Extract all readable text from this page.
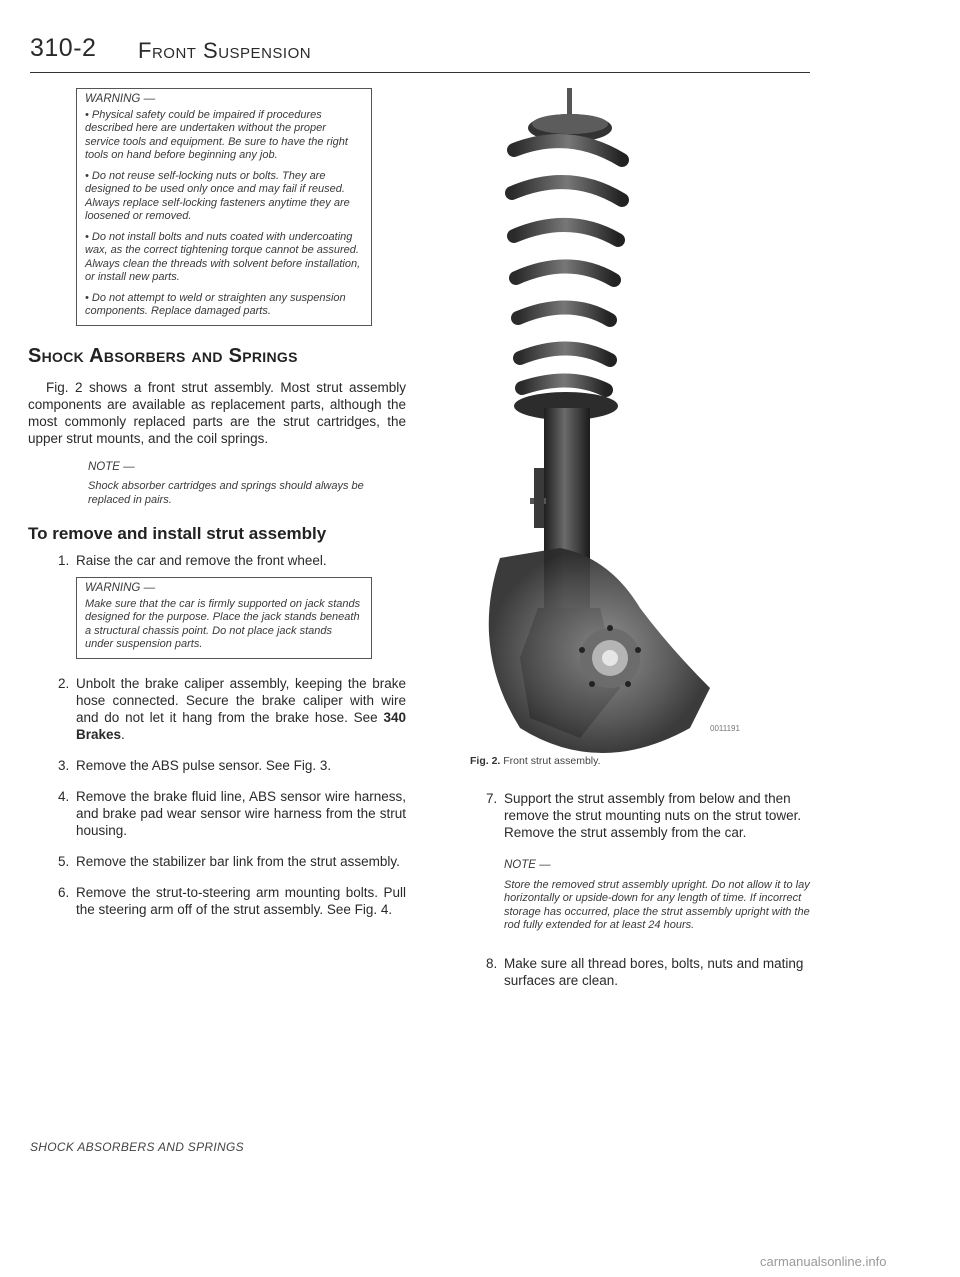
310-2 Front Suspension
WARNING —

• Physical safety could be impaired if procedures described here are undertaken without the proper service tools and equipment. Be sure to have the right tools on hand before beginning any job.

• Do not reuse self-locking nuts or bolts. They are designed to be used only once and may fail if reused. Always replace self-locking fasteners anytime they are loosened or removed.

• Do not install bolts and nuts coated with undercoating wax, as the correct tightening torque cannot be assured. Always clean the threads with solvent before installation, or install new parts.

• Do not attempt to weld or straighten any suspension components. Replace damaged parts.

Shock Absorbers and Springs

Fig. 2 shows a front strut assembly. Most strut assembly components are available as replacement parts, although the most commonly replaced parts are the strut cartridges, the upper strut mounts, and the coil springs.

NOTE —
Shock absorber cartridges and springs should always be replaced in pairs.
To remove and install strut assembly
1. Raise the car and remove the front wheel.
WARNING —

Make sure that the car is firmly supported on jack stands designed for the purpose. Place the jack stands beneath a structural chassis point. Do not place jack stands under suspension parts.

2. Unbolt the brake caliper assembly, keeping the brake hose connected. Secure the brake caliper with wire and do not let it hang from the brake hose. See 340 Brakes.
3. Remove the ABS pulse sensor. See Fig. 3.
4. Remove the brake fluid line, ABS sensor wire harness, and brake pad wear sensor wire harness from the strut housing.
5. Remove the stabilizer bar link from the strut assembly.
6. Remove the strut-to-steering arm mounting bolts. Pull the steering arm off of the strut assembly. See Fig. 4.
0011191
Fig. 2. Front strut assembly.
7. Support the strut assembly from below and then remove the strut mounting nuts on the strut tower. Remove the strut assembly from the car.
NOTE —
Store the removed strut assembly upright. Do not allow it to lay horizontally or upside-down for any length of time. If incorrect storage has occurred, place the strut assembly upright with the rod fully extended for at least 24 hours.
8. Make sure all thread bores, bolts, nuts and mating surfaces are clean.
SHOCK ABSORBERS AND SPRINGS
carmanualsonline.info
